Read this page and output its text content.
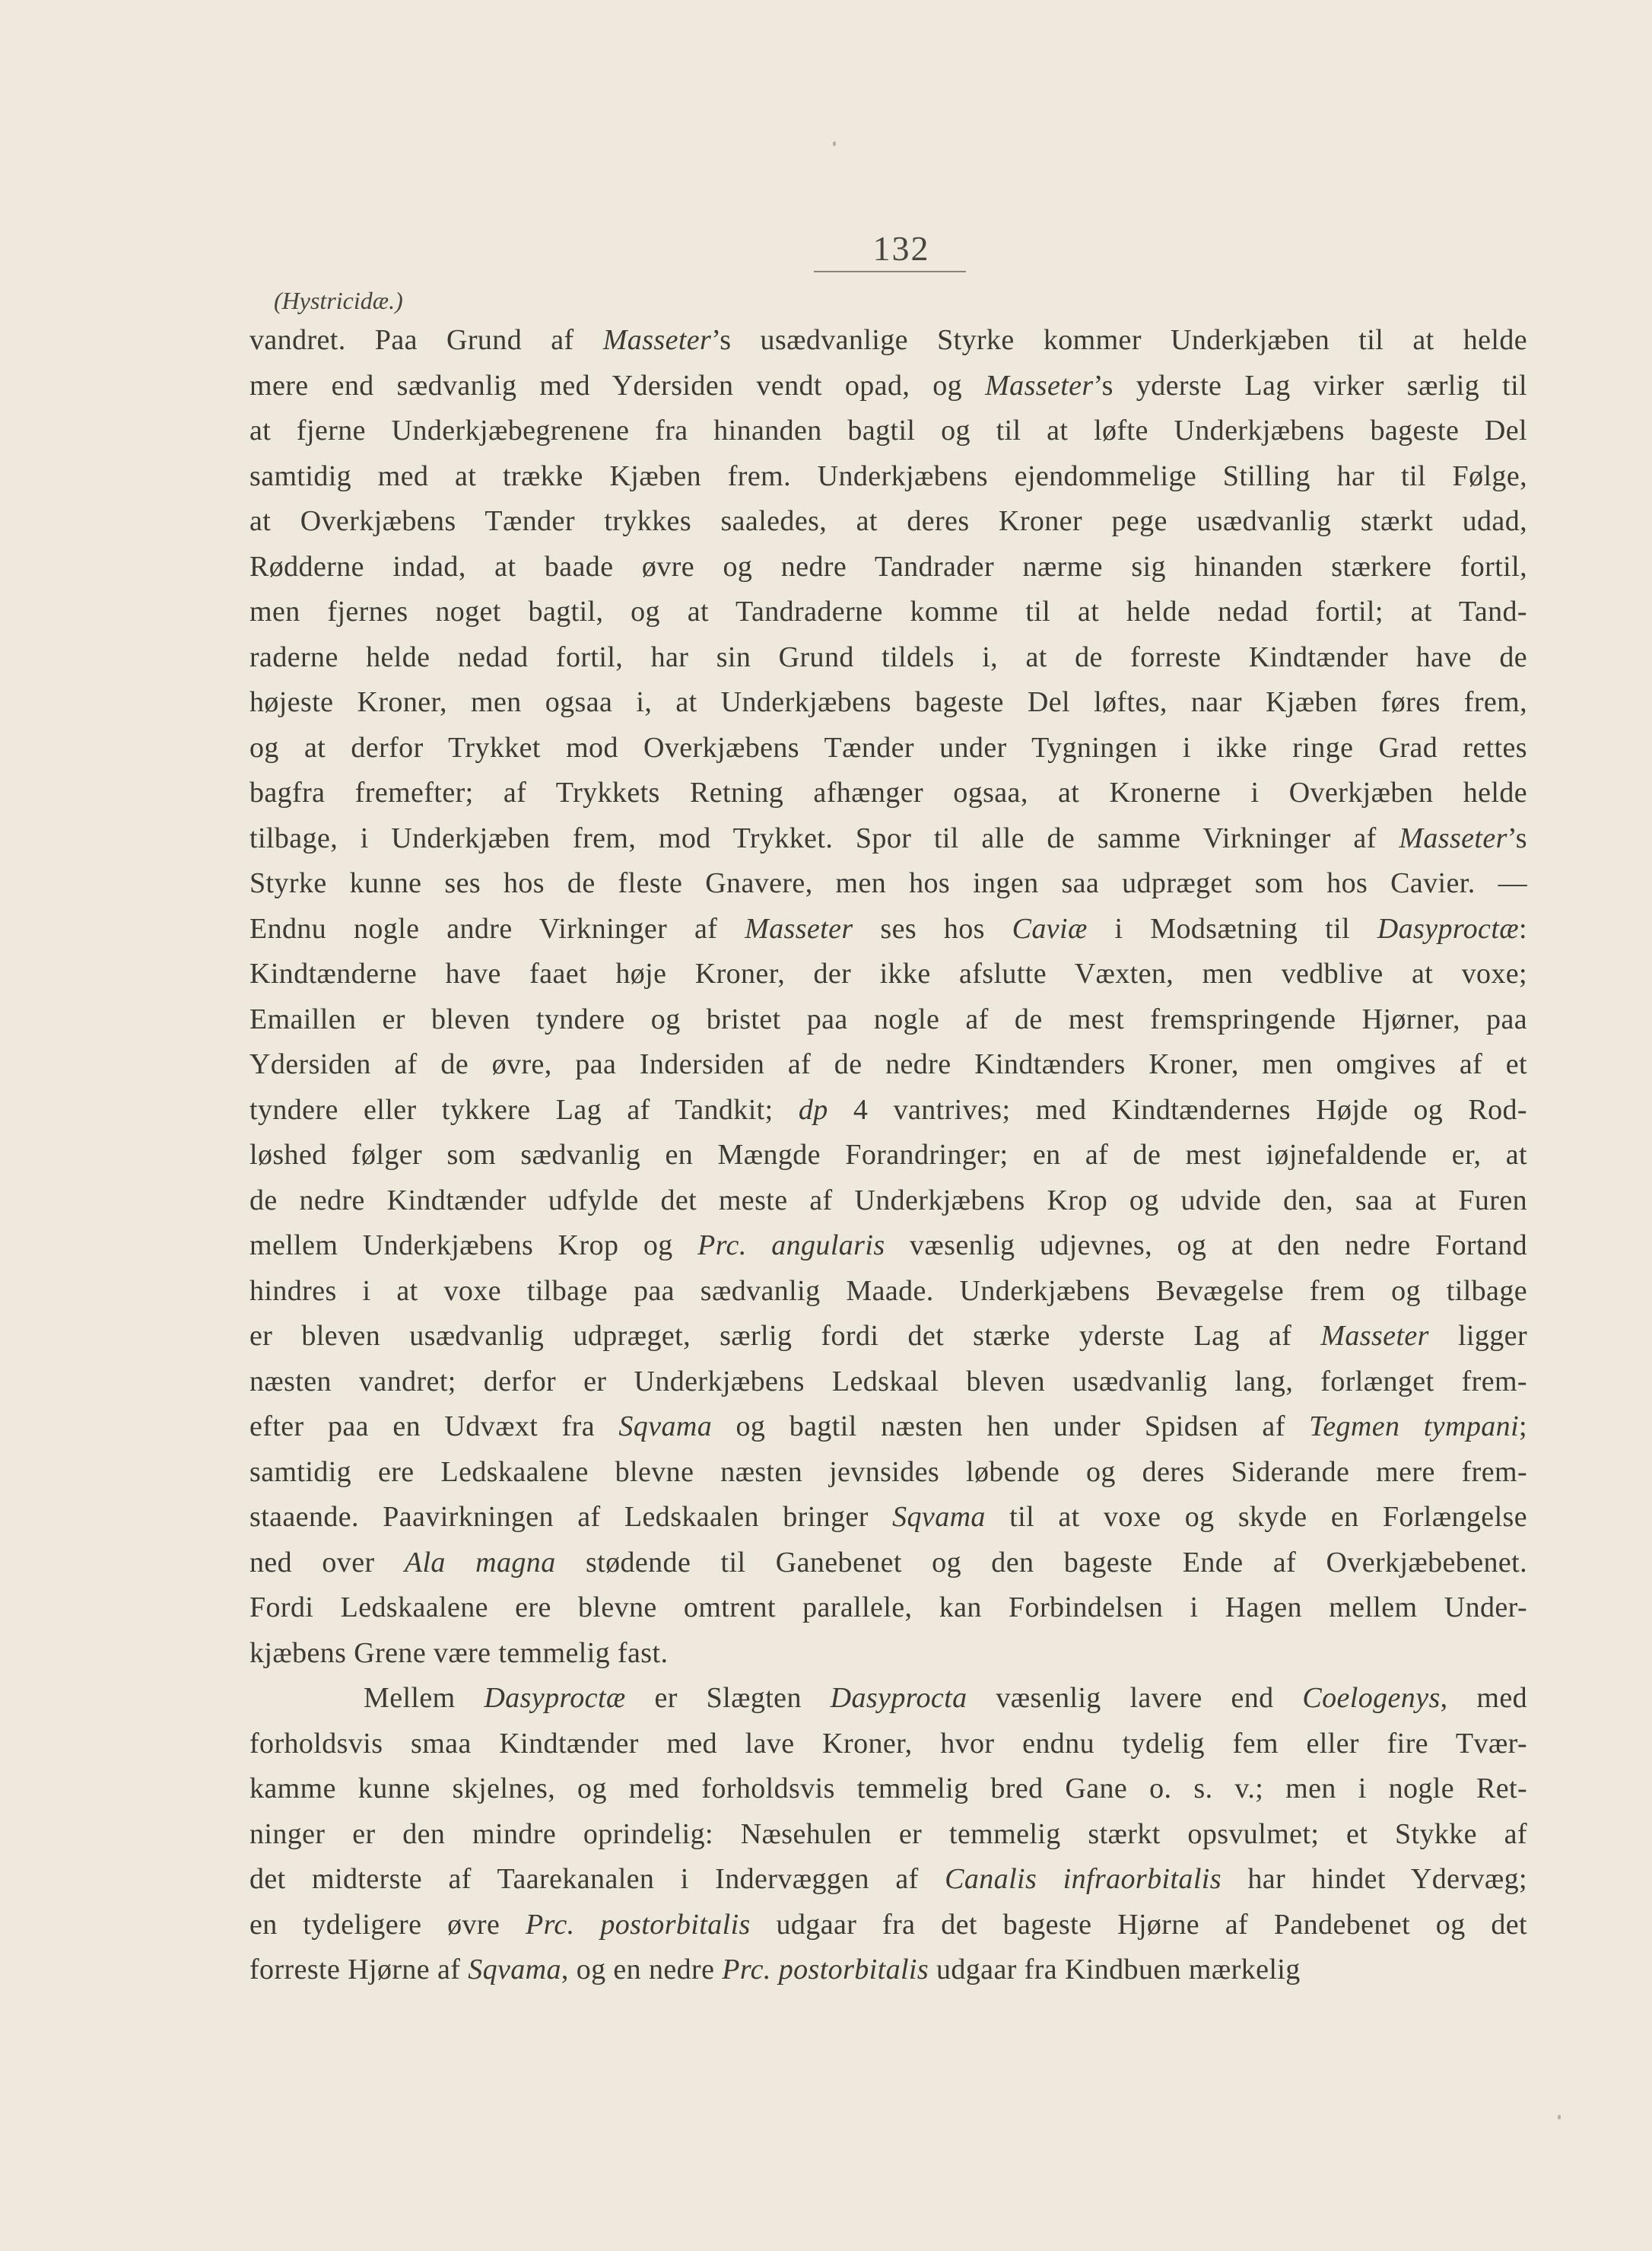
132
(Hystricidæ.)
vandret. Paa Grund af Masseter’s usædvanlige Styrke kommer Underkjæben til at helde
mere end sædvanlig med Ydersiden vendt opad, og Masseter’s yderste Lag virker særlig til
at fjerne Underkjæbegrenene fra hinanden bagtil og til at løfte Underkjæbens bageste Del
samtidig med at trække Kjæben frem. Underkjæbens ejendommelige Stilling har til Følge,
at Overkjæbens Tænder trykkes saaledes, at deres Kroner pege usædvanlig stærkt udad,
Rødderne indad, at baade øvre og nedre Tandrader nærme sig hinanden stærkere fortil,
men fjernes noget bagtil, og at Tandraderne komme til at helde nedad fortil; at Tand-
raderne helde nedad fortil, har sin Grund tildels i, at de forreste Kindtænder have de
højeste Kroner, men ogsaa i, at Underkjæbens bageste Del løftes, naar Kjæben føres frem,
og at derfor Trykket mod Overkjæbens Tænder under Tygningen i ikke ringe Grad rettes
bagfra fremefter; af Trykkets Retning afhænger ogsaa, at Kronerne i Overkjæben helde
tilbage, i Underkjæben frem, mod Trykket. Spor til alle de samme Virkninger af Masseter’s
Styrke kunne ses hos de fleste Gnavere, men hos ingen saa udpræget som hos Cavier. —
Endnu nogle andre Virkninger af Masseter ses hos Caviæ i Modsætning til Dasyproctæ:
Kindtænderne have faaet høje Kroner, der ikke afslutte Væxten, men vedblive at voxe;
Emaillen er bleven tyndere og bristet paa nogle af de mest fremspringende Hjørner, paa
Ydersiden af de øvre, paa Indersiden af de nedre Kindtænders Kroner, men omgives af et
tyndere eller tykkere Lag af Tandkit; dp 4 vantrives; med Kindtændernes Højde og Rod-
løshed følger som sædvanlig en Mængde Forandringer; en af de mest iøjnefaldende er, at
de nedre Kindtænder udfylde det meste af Underkjæbens Krop og udvide den, saa at Furen
mellem Underkjæbens Krop og Prc. angularis væsenlig udjevnes, og at den nedre Fortand
hindres i at voxe tilbage paa sædvanlig Maade. Underkjæbens Bevægelse frem og tilbage
er bleven usædvanlig udpræget, særlig fordi det stærke yderste Lag af Masseter ligger
næsten vandret; derfor er Underkjæbens Ledskaal bleven usædvanlig lang, forlænget frem-
efter paa en Udvæxt fra Sqvama og bagtil næsten hen under Spidsen af Tegmen tympani;
samtidig ere Ledskaalene blevne næsten jevnsides løbende og deres Siderande mere frem-
staaende. Paavirkningen af Ledskaalen bringer Sqvama til at voxe og skyde en Forlængelse
ned over Ala magna stødende til Ganebenet og den bageste Ende af Overkjæbebenet.
Fordi Ledskaalene ere blevne omtrent parallele, kan Forbindelsen i Hagen mellem Under-
kjæbens Grene være temmelig fast.
Mellem Dasyproctæ er Slægten Dasyprocta væsenlig lavere end Coelogenys, med
forholdsvis smaa Kindtænder med lave Kroner, hvor endnu tydelig fem eller fire Tvær-
kamme kunne skjelnes, og med forholdsvis temmelig bred Gane o. s. v.; men i nogle Ret-
ninger er den mindre oprindelig: Næsehulen er temmelig stærkt opsvulmet; et Stykke af
det midterste af Taarekanalen i Indervæggen af Canalis infraorbitalis har hindet Ydervæg;
en tydeligere øvre Prc. postorbitalis udgaar fra det bageste Hjørne af Pandebenet og det
forreste Hjørne af Sqvama, og en nedre Prc. postorbitalis udgaar fra Kindbuen mærkelig
